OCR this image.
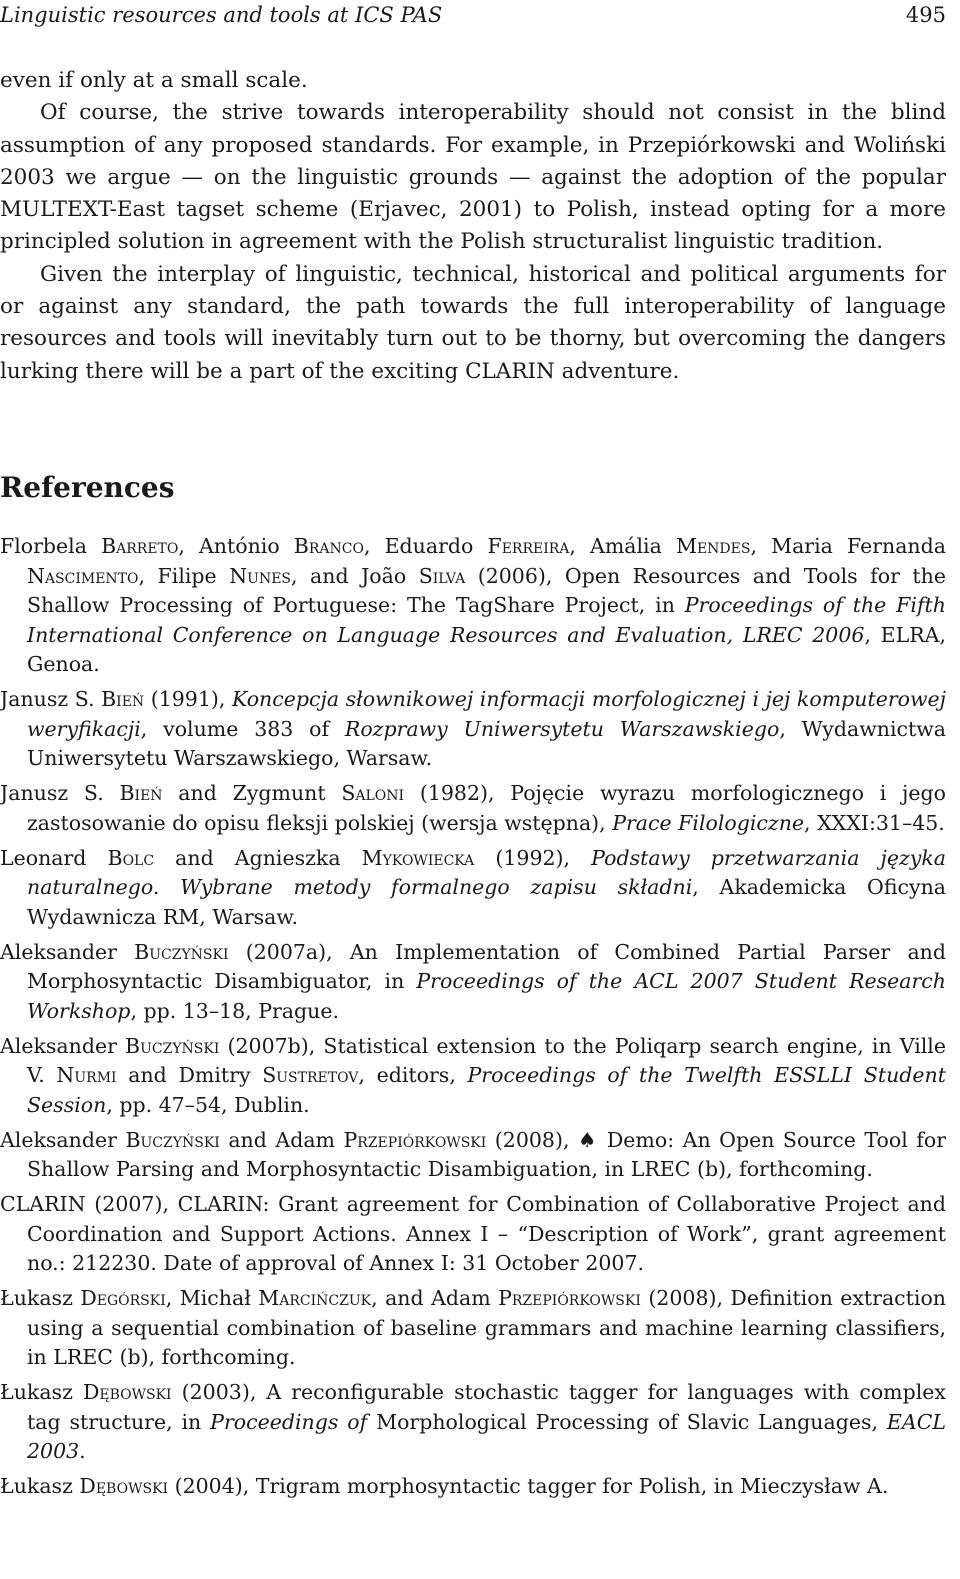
Linguistic resources and tools at ICS PAS	495

even if only at a small scale.

Of course, the strive towards interoperability should not consist in the blind assumption of any proposed standards. For example, in Przepiórkowski and Woliński 2003 we argue — on the linguistic grounds — against the adoption of the popular MULTEXT-East tagset scheme (Erjavec, 2001) to Polish, instead opting for a more principled solution in agreement with the Polish structuralist linguistic tradition.

Given the interplay of linguistic, technical, historical and political arguments for or against any standard, the path towards the full interoperability of language resources and tools will inevitably turn out to be thorny, but overcoming the dangers lurking there will be a part of the exciting CLARIN adventure.

References

Florbela Barreto, António Branco, Eduardo Ferreira, Amália Mendes, Maria Fernanda Nascimento, Filipe Nunes, and João Silva (2006), Open Resources and Tools for the Shallow Processing of Portuguese: The TagShare Project, in Proceedings of the Fifth International Conference on Language Resources and Evaluation, LREC 2006, ELRA, Genoa.

Janusz S. Bień (1991), Koncepcja słownikowej informacji morfologicznej i jej komputerowej weryfikacji, volume 383 of Rozprawy Uniwersytetu Warszawskiego, Wydawnictwa Uniwersytetu Warszawskiego, Warsaw.

Janusz S. Bień and Zygmunt Saloni (1982), Pojęcie wyrazu morfologicznego i jego zastosowanie do opisu fleksji polskiej (wersja wstępna), Prace Filologiczne, XXXI:31–45.

Leonard Bolc and Agnieszka Mykowiecka (1992), Podstawy przetwarzania języka naturalnego. Wybrane metody formalnego zapisu składni, Akademicka Oficyna Wydawnicza RM, Warsaw.

Aleksander Buczyński (2007a), An Implementation of Combined Partial Parser and Morphosyntactic Disambiguator, in Proceedings of the ACL 2007 Student Research Workshop, pp. 13–18, Prague.

Aleksander Buczyński (2007b), Statistical extension to the Poliqarp search engine, in Ville V. Nurmi and Dmitry Sustretov, editors, Proceedings of the Twelfth ESSLLI Student Session, pp. 47–54, Dublin.

Aleksander Buczyński and Adam Przepiórkowski (2008), ♠ Demo: An Open Source Tool for Shallow Parsing and Morphosyntactic Disambiguation, in LREC (b), forthcoming.

CLARIN (2007), CLARIN: Grant agreement for Combination of Collaborative Project and Coordination and Support Actions. Annex I – “Description of Work”, grant agreement no.: 212230. Date of approval of Annex I: 31 October 2007.

Łukasz Degórski, Michał Marcińczuk, and Adam Przepiórkowski (2008), Definition extraction using a sequential combination of baseline grammars and machine learning classifiers, in LREC (b), forthcoming.

Łukasz Dębowski (2003), A reconfigurable stochastic tagger for languages with complex tag structure, in Proceedings of Morphological Processing of Slavic Languages, EACL 2003.

Łukasz Dębowski (2004), Trigram morphosyntactic tagger for Polish, in Mieczysław A.
